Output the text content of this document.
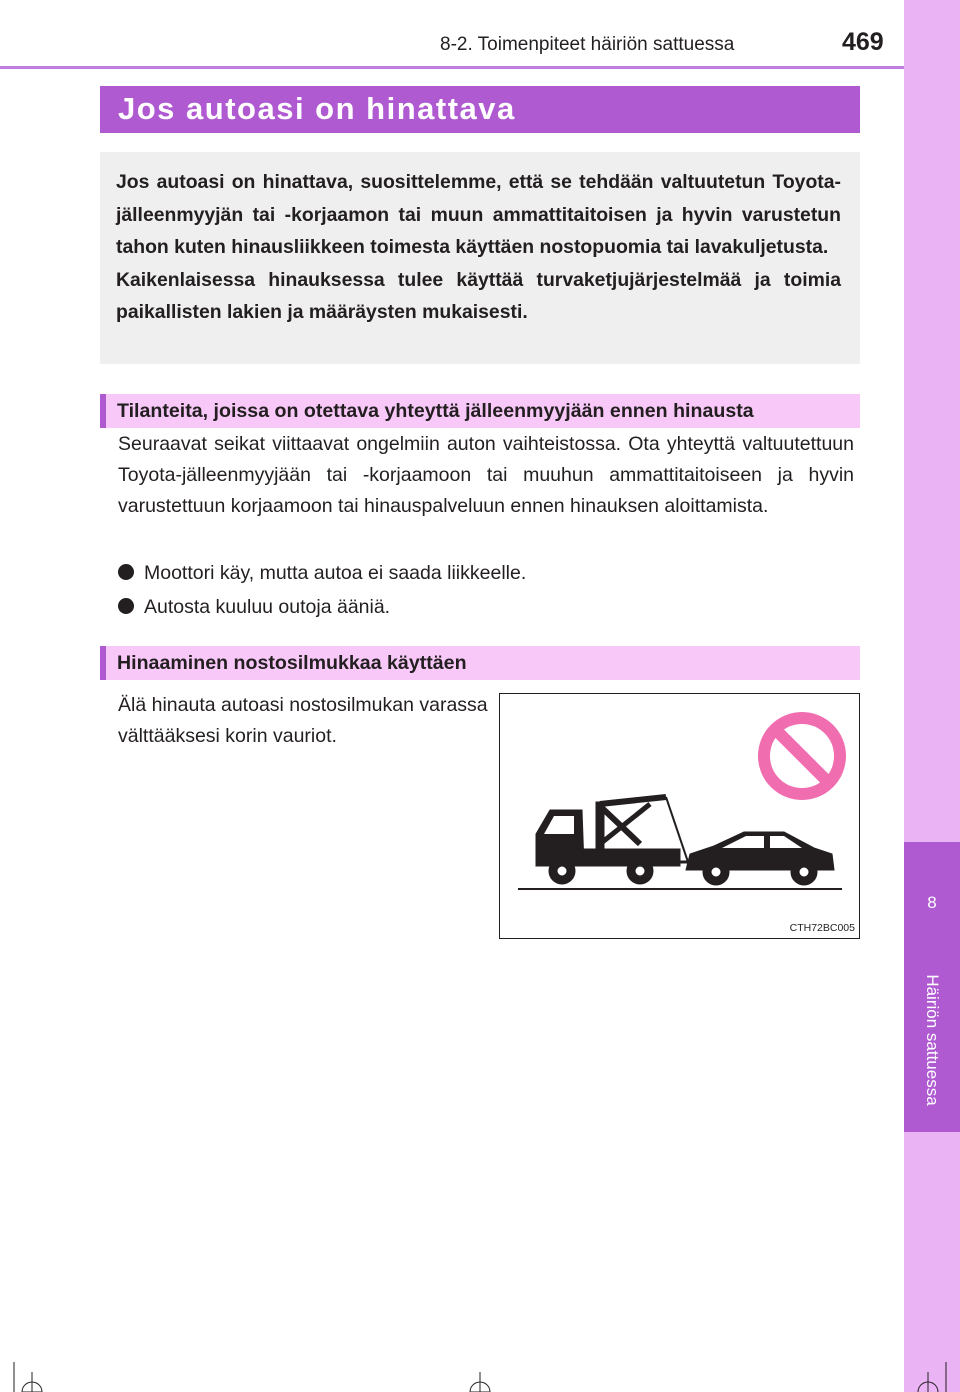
8-2. Toimenpiteet häiriön sattuessa	469
8
Häiriön sattuessa
Jos autoasi on hinattava
Jos autoasi on hinattava, suosittelemme, että se tehdään valtuutetun Toyota-jälleenmyyjän tai -korjaamon tai muun ammattitaitoisen ja hyvin varustetun tahon kuten hinausliikkeen toimesta käyttäen nostopuomia tai lavakuljetusta.
Kaikenlaisessa hinauksessa tulee käyttää turvaketjujärjestelmää ja toimia paikallisten lakien ja määräysten mukaisesti.
Tilanteita, joissa on otettava yhteyttä jälleenmyyjään ennen hinausta
Seuraavat seikat viittaavat ongelmiin auton vaihteistossa. Ota yhteyttä valtuutettuun Toyota-jälleenmyyjään tai -korjaamoon tai muuhun ammattitaitoiseen ja hyvin varustettuun korjaamoon tai hinauspalveluun ennen hinauksen aloittamista.
Moottori käy, mutta autoa ei saada liikkeelle.
Autosta kuuluu outoja ääniä.
Hinaaminen nostosilmukkaa käyttäen
Älä hinauta autoasi nostosilmukan varassa välttääksesi korin vauriot.
CTH72BC005
